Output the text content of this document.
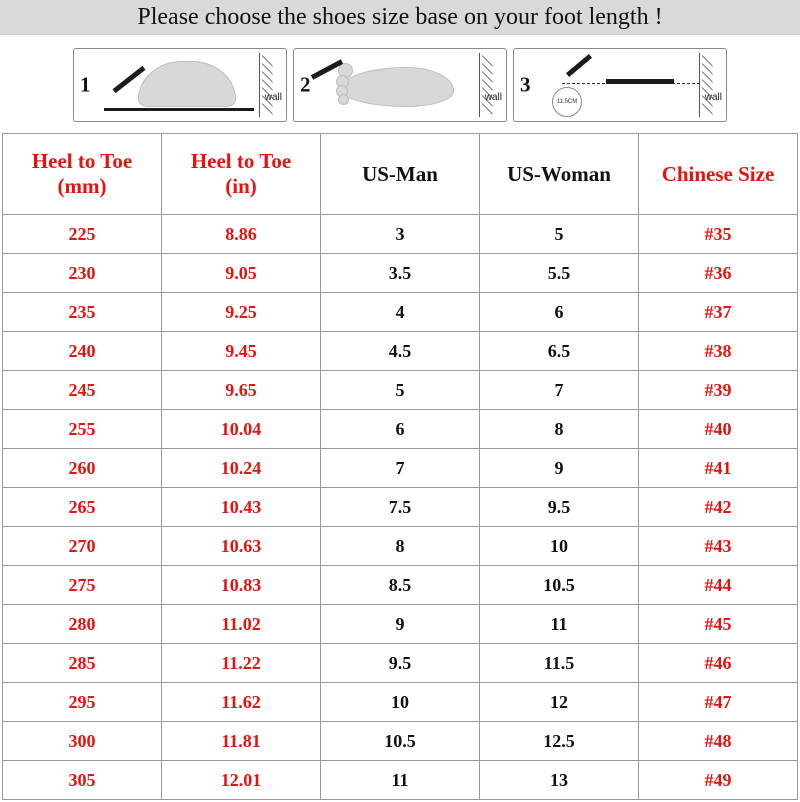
Please choose the shoes size base on your foot length !
1
wall
2
wall
3
11.5CM	wall
Heel to Toe
(mm)

Heel to Toe
(in)

US-Man	US-Woman	Chinese Size

225	8.86	3	5	#35
230	9.05	3.5	5.5	#36
235	9.25	4	6	#37
240	9.45	4.5	6.5	#38
245	9.65	5	7	#39
255	10.04	6	8	#40
260	10.24	7	9	#41
265	10.43	7.5	9.5	#42
270	10.63	8	10	#43
275	10.83	8.5	10.5	#44
280	11.02	9	11	#45
285	11.22	9.5	11.5	#46
295	11.62	10	12	#47
300	11.81	10.5	12.5	#48
305	12.01	11	13	#49
